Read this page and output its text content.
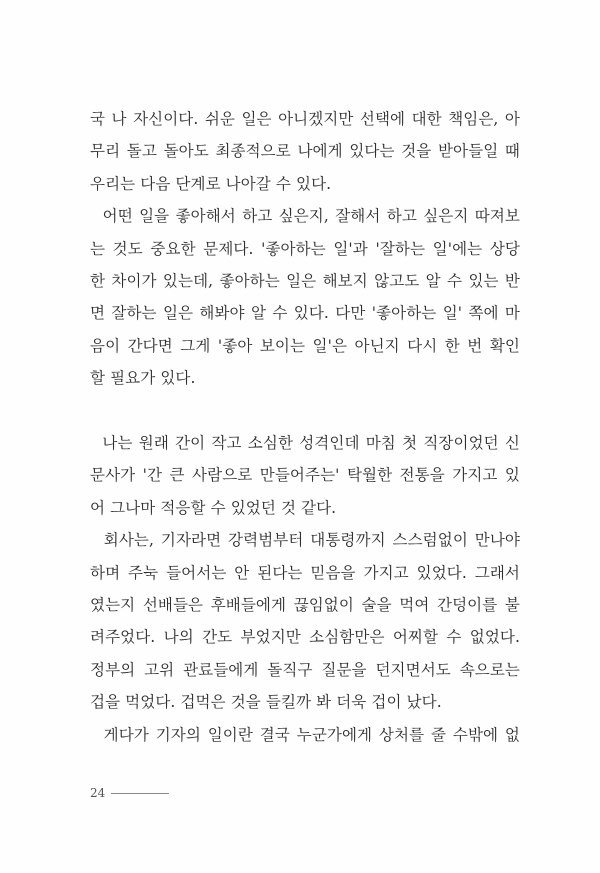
국 나 자신이다. 쉬운 일은 아니겠지만 선택에 대한 책임은, 아
무리 돌고 돌아도 최종적으로 나에게 있다는 것을 받아들일 때
우리는 다음 단계로 나아갈 수 있다.
어떤 일을 좋아해서 하고 싶은지, 잘해서 하고 싶은지 따져보
는 것도 중요한 문제다. '좋아하는 일'과 '잘하는 일'에는 상당
한 차이가 있는데, 좋아하는 일은 해보지 않고도 알 수 있는 반
면 잘하는 일은 해봐야 알 수 있다. 다만 '좋아하는 일' 쪽에 마
음이 간다면 그게 '좋아 보이는 일'은 아닌지 다시 한 번 확인
할 필요가 있다.
나는 원래 간이 작고 소심한 성격인데 마침 첫 직장이었던 신
문사가 '간 큰 사람으로 만들어주는' 탁월한 전통을 가지고 있
어 그나마 적응할 수 있었던 것 같다.
회사는, 기자라면 강력범부터 대통령까지 스스럼없이 만나야
하며 주눅 들어서는 안 된다는 믿음을 가지고 있었다. 그래서
였는지 선배들은 후배들에게 끊임없이 술을 먹여 간덩이를 불
려주었다. 나의 간도 부었지만 소심함만은 어찌할 수 없었다.
정부의 고위 관료들에게 돌직구 질문을 던지면서도 속으로는
겁을 먹었다. 겁먹은 것을 들킬까 봐 더욱 겁이 났다.
게다가 기자의 일이란 결국 누군가에게 상처를 줄 수밖에 없
24
